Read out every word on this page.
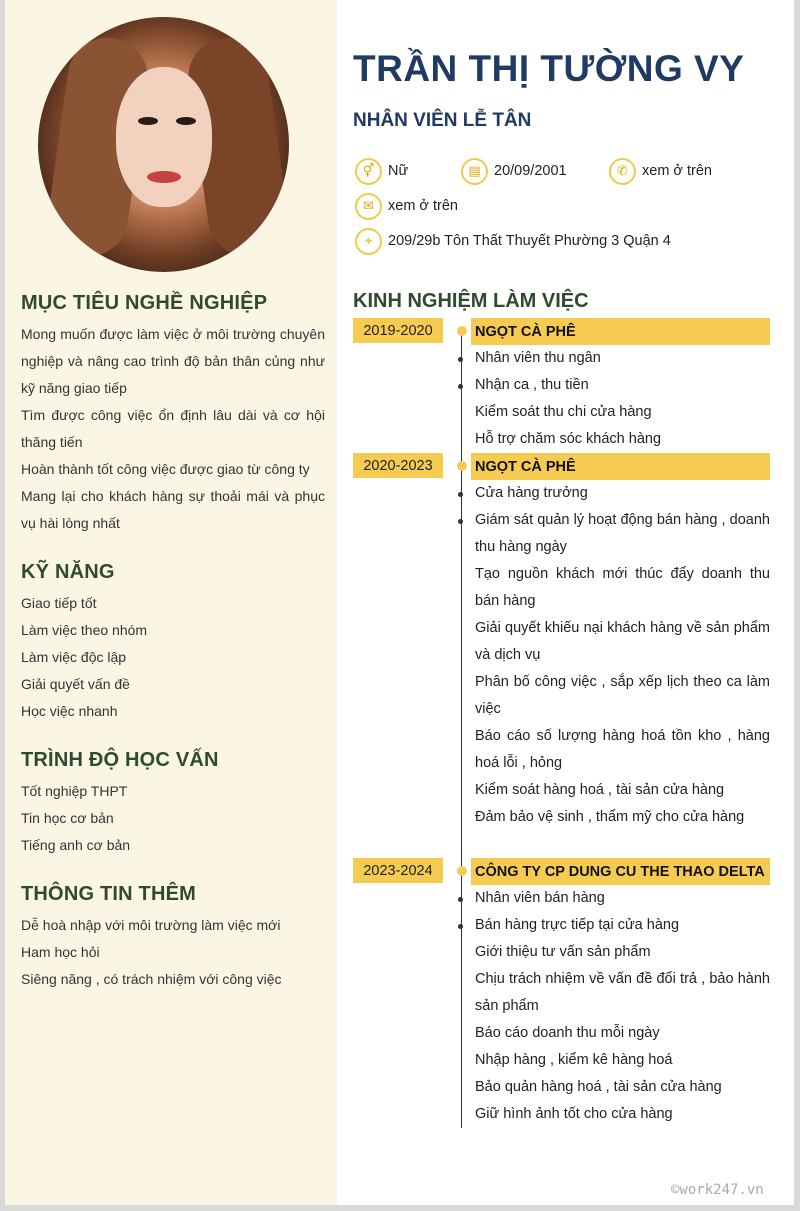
MỤC TIÊU NGHỀ NGHIỆP
Mong muốn được làm việc ở môi trường chuyên
nghiệp và nâng cao trình độ bản thân củng như
kỹ năng giao tiếp
Tìm được công việc ổn định lâu dài và cơ hội
thăng tiến
Hoàn thành tốt công việc được giao từ công ty
Mang lại cho khách hàng sự thoải mái và phục
vụ hài lòng nhất
KỸ NĂNG
Giao tiếp tốt
Làm việc theo nhóm
Làm việc độc lập
Giải quyết vấn đề
Học việc nhanh
TRÌNH ĐỘ HỌC VẤN
Tốt nghiệp THPT
Tin học cơ bản
Tiếng anh cơ bản
THÔNG TIN THÊM
Dễ hoà nhập với môi trường làm việc mới
Ham học hỏi
Siêng năng , có trách nhiệm với công việc
TRẦN THỊ TƯỜNG VY
NHÂN VIÊN LỄ TÂN
⚥ Nữ	▤ 20/09/2001	✆ xem ở trên
✉ xem ở trên
⌖	209/29b Tôn Thất Thuyết Phường 3 Quận 4
KINH NGHIỆM LÀM VIỆC
2019-2020	NGỌT CÀ PHÊ
Nhân viên thu ngân
Nhận ca , thu tiền
Kiểm soát thu chi cửa hàng
Hỗ trợ chăm sóc khách hàng
2020-2023	NGỌT CÀ PHÊ
Cửa hàng trưởng
Giám sát quản lý hoạt động bán hàng , doanh thu hàng ngày
Tạo nguồn khách mới thúc đẩy doanh thu bán hàng
Giải quyết khiếu nại khách hàng về sản phẩm và dịch vụ
Phân bố công việc , sắp xếp lịch theo ca làm việc
Báo cáo số lượng hàng hoá tồn kho , hàng hoá lỗi , hỏng
Kiểm soát hàng hoá , tài sản cửa hàng
Đảm bảo vệ sinh , thẩm mỹ cho cửa hàng
2023-2024	CÔNG TY CP DUNG CU THE THAO DELTA
Nhân viên bán hàng
Bán hàng trực tiếp tại cửa hàng
Giới thiệu tư vấn sản phẩm
Chịu trách nhiệm về vấn đề đổi trả , bảo hành sản phẩm
Báo cáo doanh thu mỗi ngày
Nhập hàng , kiểm kê hàng hoá
Bảo quản hàng hoá , tài sản cửa hàng
Giữ hình ảnh tốt cho cửa hàng
©work247.vn
